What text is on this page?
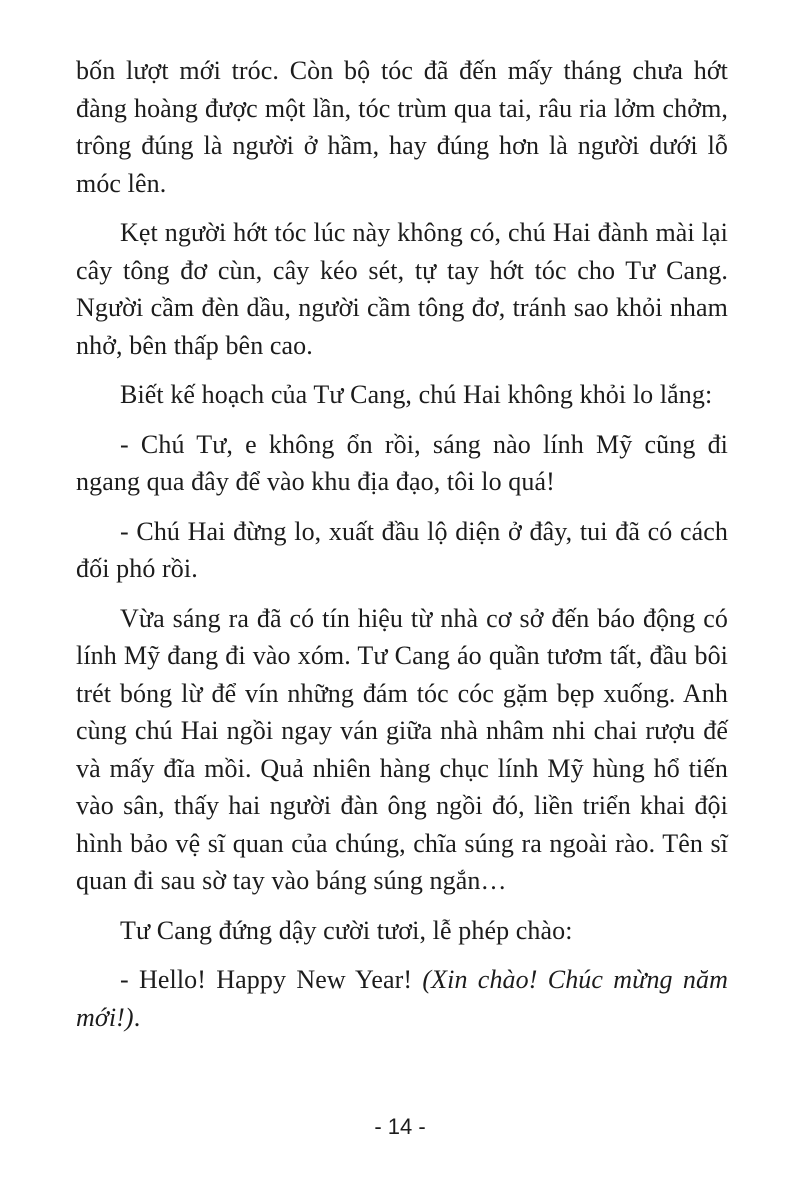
bốn lượt mới tróc. Còn bộ tóc đã đến mấy tháng chưa hớt đàng hoàng được một lần, tóc trùm qua tai, râu ria lởm chởm, trông đúng là người ở hầm, hay đúng hơn là người dưới lỗ móc lên.

Kẹt người hớt tóc lúc này không có, chú Hai đành mài lại cây tông đơ cùn, cây kéo sét, tự tay hớt tóc cho Tư Cang. Người cầm đèn dầu, người cầm tông đơ, tránh sao khỏi nham nhở, bên thấp bên cao.

Biết kế hoạch của Tư Cang, chú Hai không khỏi lo lắng:

- Chú Tư, e không ổn rồi, sáng nào lính Mỹ cũng đi ngang qua đây để vào khu địa đạo, tôi lo quá!

- Chú Hai đừng lo, xuất đầu lộ diện ở đây, tui đã có cách đối phó rồi.

Vừa sáng ra đã có tín hiệu từ nhà cơ sở đến báo động có lính Mỹ đang đi vào xóm. Tư Cang áo quần tươm tất, đầu bôi trét bóng lừ để vín những đám tóc cóc gặm bẹp xuống. Anh cùng chú Hai ngồi ngay ván giữa nhà nhâm nhi chai rượu đế và mấy đĩa mồi. Quả nhiên hàng chục lính Mỹ hùng hổ tiến vào sân, thấy hai người đàn ông ngồi đó, liền triển khai đội hình bảo vệ sĩ quan của chúng, chĩa súng ra ngoài rào. Tên sĩ quan đi sau sờ tay vào báng súng ngắn…

Tư Cang đứng dậy cười tươi, lễ phép chào:

- Hello! Happy New Year! (Xin chào! Chúc mừng năm mới!).

- 14 -
